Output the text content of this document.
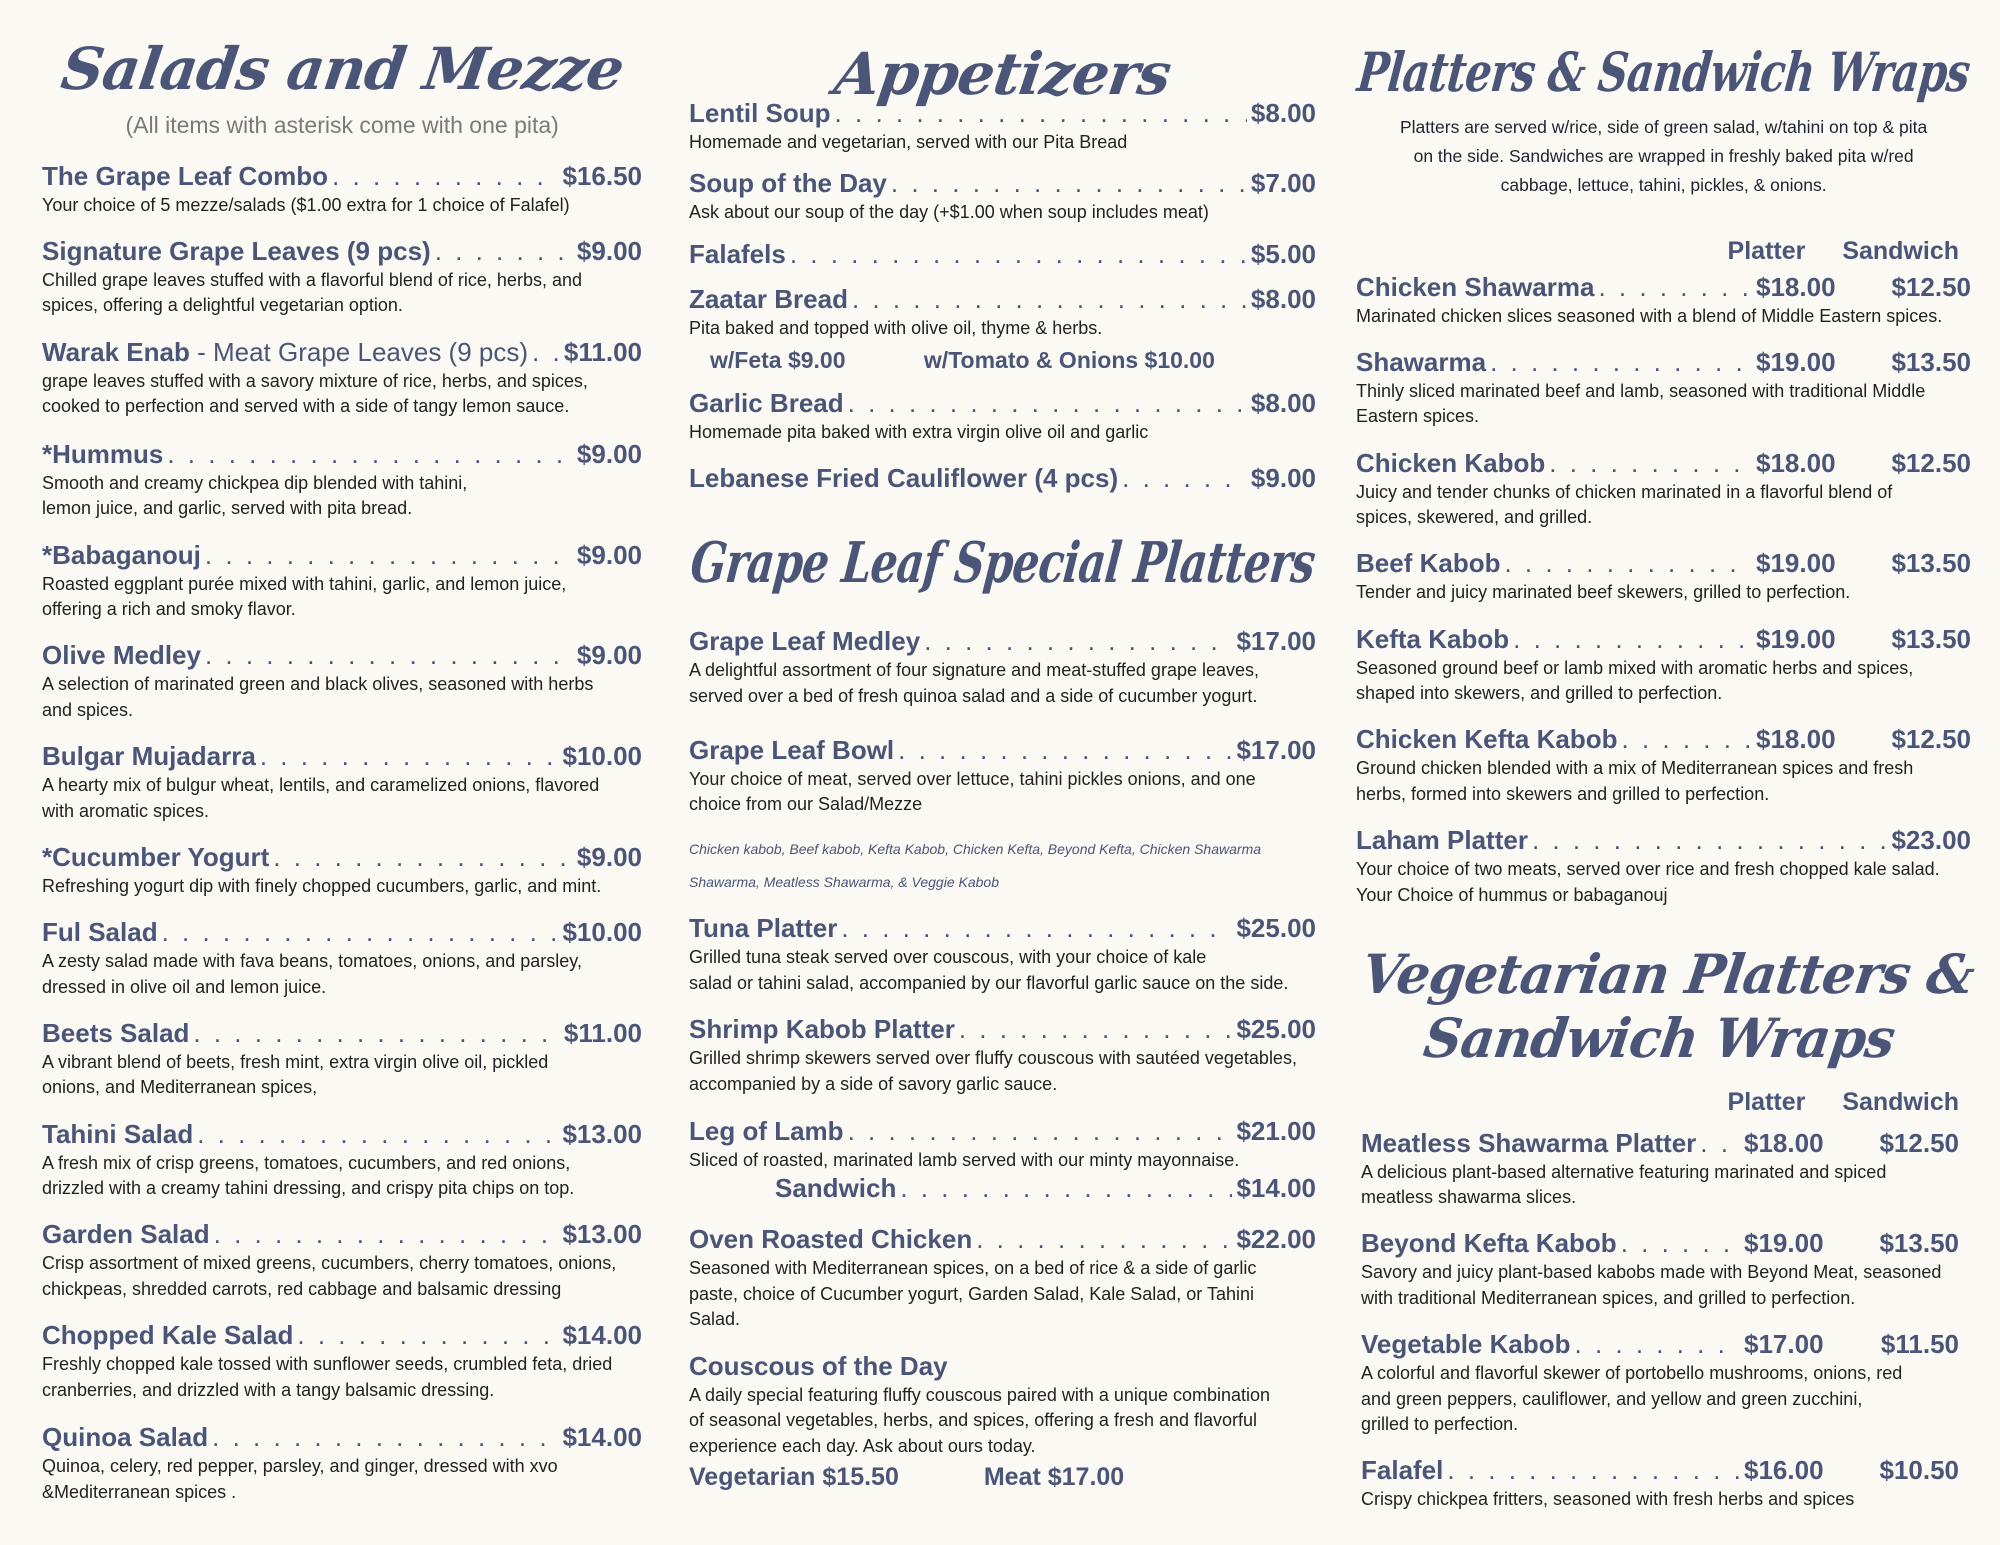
Salads and Mezze
(All items with asterisk come with one pita)
The Grape Leaf Combo . . .	$16.50
Your choice of 5 mezze/salads ($1.00 extra for 1 choice of Falafel)
Signature Grape Leaves (9 pcs) . . .	$9.00
Chilled grape leaves stuffed with a flavorful blend of rice, herbs, and
spices, offering a delightful vegetarian option.
Warak Enab - Meat Grape Leaves (9 pcs) . . . $11.00
grape leaves stuffed with a savory mixture of rice, herbs, and spices,
cooked to perfection and served with a side of tangy lemon sauce.
*Hummus . . .	$9.00
Smooth and creamy chickpea dip blended with tahini,
lemon juice, and garlic, served with pita bread.
*Babaganouj . . .	$9.00
Roasted eggplant purée mixed with tahini, garlic, and lemon juice,
offering a rich and smoky flavor.
Olive Medley . . .	$9.00
A selection of marinated green and black olives, seasoned with herbs
and spices.
Bulgar Mujadarra . . .	$10.00
A hearty mix of bulgur wheat, lentils, and caramelized onions, flavored
with aromatic spices.
*Cucumber Yogurt . . .	$9.00
Refreshing yogurt dip with finely chopped cucumbers, garlic, and mint.
Ful Salad . . .	$10.00
A zesty salad made with fava beans, tomatoes, onions, and parsley,
dressed in olive oil and lemon juice.
Beets Salad . . .	$11.00
A vibrant blend of beets, fresh mint, extra virgin olive oil, pickled
onions, and Mediterranean spices,
Tahini Salad . . .	$13.00
A fresh mix of crisp greens, tomatoes, cucumbers, and red onions,
drizzled with a creamy tahini dressing, and crispy pita chips on top.
Garden Salad . . .	$13.00
Crisp assortment of mixed greens, cucumbers, cherry tomatoes, onions,
chickpeas, shredded carrots, red cabbage and balsamic dressing
Chopped Kale Salad . . .	$14.00
Freshly chopped kale tossed with sunflower seeds, crumbled feta, dried
cranberries, and drizzled with a tangy balsamic dressing.
Quinoa Salad . . .	$14.00
Quinoa, celery, red pepper, parsley, and ginger, dressed with xvo
&Mediterranean spices .
Appetizers
Lentil Soup . . .	$8.00
Homemade and vegetarian, served with our Pita Bread
Soup of the Day . . .	$7.00
Ask about our soup of the day (+$1.00 when soup includes meat)
Falafels . . .	$5.00
Zaatar Bread . . .	$8.00
Pita baked and topped with olive oil, thyme & herbs.
Garlic Bread . . .	$8.00
Homemade pita baked with extra virgin olive oil and garlic
Lebanese Fried Cauliflower (4 pcs) . . .	$9.00
w/Feta $9.00	w/Tomato & Onions $10.00
Grape Leaf Special Platters
Grape Leaf Medley . . .	$17.00
A delightful assortment of four signature and meat-stuffed grape leaves,
served over a bed of fresh quinoa salad and a side of cucumber yogurt.
Grape Leaf Bowl . . .	$17.00
Your choice of meat, served over lettuce, tahini pickles onions, and one
choice from our Salad/Mezze
Tuna Platter . . .	$25.00
Grilled tuna steak served over couscous, with your choice of kale
salad or tahini salad, accompanied by our flavorful garlic sauce on the side.
Shrimp Kabob Platter . . .	$25.00
Grilled shrimp skewers served over fluffy couscous with sautéed vegetables,
accompanied by a side of savory garlic sauce.
Leg of Lamb . . .	$21.00
Sliced of roasted, marinated lamb served with our minty mayonnaise.
Sandwich . . .	$14.00
Oven Roasted Chicken . . .	$22.00
Seasoned with Mediterranean spices, on a bed of rice & a side of garlic
paste, choice of Cucumber yogurt, Garden Salad, Kale Salad, or Tahini
Salad.
Couscous of the Day
A daily special featuring fluffy couscous paired with a unique combination
of seasonal vegetables, herbs, and spices, offering a fresh and flavorful
experience each day. Ask about ours today.
Chicken kabob, Beef kabob, Kefta Kabob, Chicken Kefta, Beyond Kefta, Chicken Shawarma
Shawarma, Meatless Shawarma, & Veggie Kabob
Vegetarian $15.50	Meat $17.00
Platters & Sandwich Wraps
Platters are served w/rice, side of green salad, w/tahini on top & pita
on the side. Sandwiches are wrapped in freshly baked pita w/red
cabbage, lettuce, tahini, pickles, & onions.
Platter Sandwich
Chicken Shawarma . . .	$18.00	$12.50
Marinated chicken slices seasoned with a blend of Middle Eastern spices.
Shawarma . . .	$19.00	$13.50
Thinly sliced marinated beef and lamb, seasoned with traditional Middle
Eastern spices.
Chicken Kabob . . .	$18.00	$12.50
Juicy and tender chunks of chicken marinated in a flavorful blend of
spices, skewered, and grilled.
Beef Kabob . . .	$19.00	$13.50
Tender and juicy marinated beef skewers, grilled to perfection.
Kefta Kabob . . .	$19.00	$13.50
Seasoned ground beef or lamb mixed with aromatic herbs and spices,
shaped into skewers, and grilled to perfection.
Chicken Kefta Kabob . . .	$18.00	$12.50
Ground chicken blended with a mix of Mediterranean spices and fresh
herbs, formed into skewers and grilled to perfection.
Laham Platter . . .	$23.00
Your choice of two meats, served over rice and fresh chopped kale salad.
Your Choice of hummus or babaganouj
Vegetarian Platters &
Sandwich Wraps
Platter Sandwich
Meatless Shawarma Platter . . . $18.00	$12.50
A delicious plant-based alternative featuring marinated and spiced
meatless shawarma slices.
Beyond Kefta Kabob . . .	$19.00	$13.50
Savory and juicy plant-based kabobs made with Beyond Meat, seasoned
with traditional Mediterranean spices, and grilled to perfection.
Vegetable Kabob . . .	$17.00	$11.50
A colorful and flavorful skewer of portobello mushrooms, onions, red
and green peppers, cauliflower, and yellow and green zucchini,
grilled to perfection.
Falafel . . .	$16.00	$10.50
Crispy chickpea fritters, seasoned with fresh herbs and spices
